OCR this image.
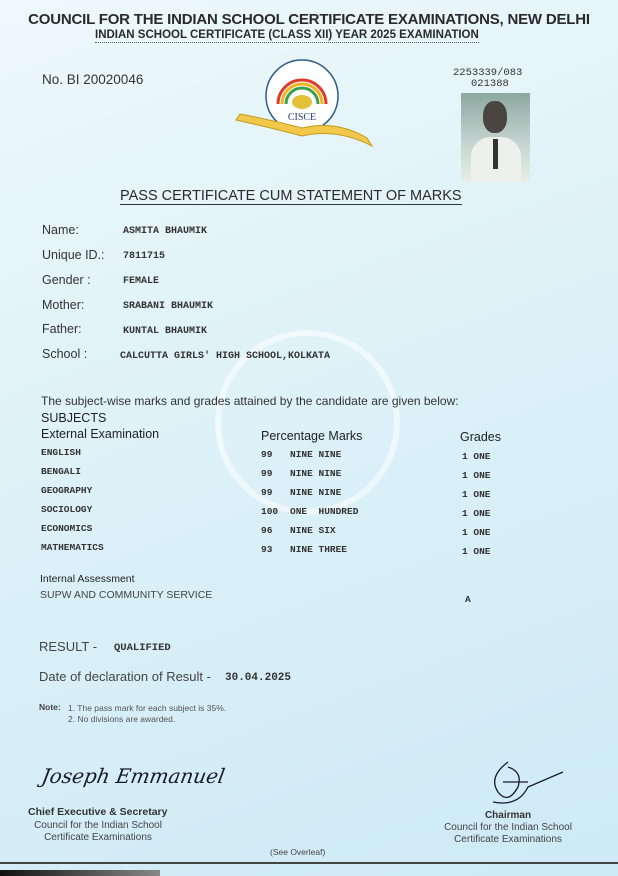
COUNCIL FOR THE INDIAN SCHOOL CERTIFICATE EXAMINATIONS, NEW DELHI
INDIAN SCHOOL CERTIFICATE (CLASS XII) YEAR 2025 EXAMINATION
No. BI 20020046	2253339/083
021388
CISCE
PASS CERTIFICATE CUM STATEMENT OF MARKS
Name:	ASMITA BHAUMIK
Unique ID.: 7811715
Gender :	FEMALE
Mother:	SRABANI BHAUMIK
Father:	KUNTAL BHAUMIK
School :	CALCUTTA GIRLS' HIGH SCHOOL,KOLKATA
The subject-wise marks and grades attained by the candidate are given below:
SUBJECTS
External Examination	Percentage Marks	Grades
ENGLISH	99 NINE NINE	1 ONE
BENGALI	99 NINE NINE	1 ONE
GEOGRAPHY	99 NINE NINE	1 ONE
SOCIOLOGY	100 ONE  HUNDRED	1 ONE
ECONOMICS	96 NINE SIX	1 ONE
MATHEMATICS	93 NINE THREE	1 ONE
Internal Assessment
SUPW AND COMMUNITY SERVICE	A
RESULT - QUALIFIED
Date of declaration of Result - 30.04.2025
Note: 1. The pass mark for each subject is 35%.
2. No divisions are awarded.
Joseph Emmanuel
Chief Executive & Secretary
Council for the Indian School
Certificate Examinations
Chairman
Council for the Indian School
Certificate Examinations
(See Overleaf)
